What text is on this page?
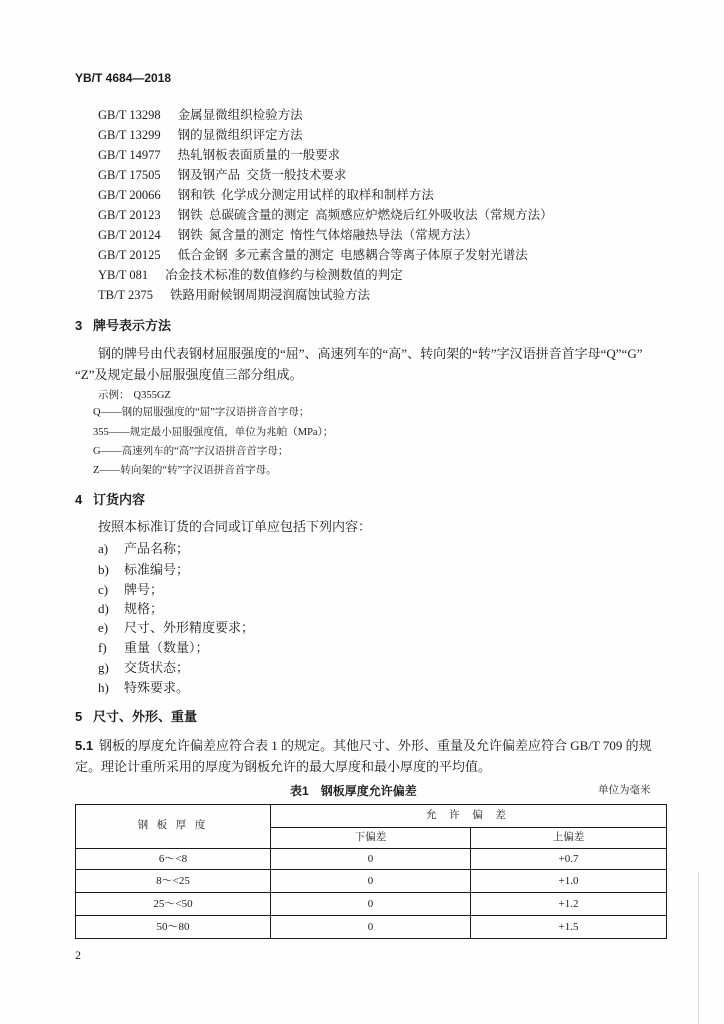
YB/T 4684—2018
GB/T 13298 金属显微组织检验方法
GB/T 13299 钢的显微组织评定方法
GB/T 14977 热轧钢板表面质量的一般要求
GB/T 17505 钢及钢产品  交货一般技术要求
GB/T 20066 钢和铁  化学成分测定用试样的取样和制样方法
GB/T 20123 钢铁  总碳硫含量的测定  高频感应炉燃烧后红外吸收法（常规方法）
GB/T 20124 钢铁  氮含量的测定  惰性气体熔融热导法（常规方法）
GB/T 20125 低合金钢  多元素含量的测定  电感耦合等离子体原子发射光谱法
YB/T 081 冶金技术标准的数值修约与检测数值的判定
TB/T 2375 铁路用耐候钢周期浸润腐蚀试验方法
3 牌号表示方法
钢的牌号由代表钢材屈服强度的“屈”、高速列车的“高”、转向架的“转”字汉语拼音首字母“Q”“G”
“Z”及规定最小屈服强度值三部分组成。
示例： Q355GZ
Q——钢的屈服强度的“屈”字汉语拼音首字母；
355——规定最小屈服强度值，单位为兆帕（MPa）；
G——高速列车的“高”字汉语拼音首字母；
Z——转向架的“转”字汉语拼音首字母。
4 订货内容
按照本标准订货的合同或订单应包括下列内容：
a) 产品名称；
b) 标准编号；
c) 牌号；
d) 规格；
e) 尺寸、外形精度要求；
f) 重量（数量）；
g) 交货状态；
h) 特殊要求。
5 尺寸、外形、重量
5.1 钢板的厚度允许偏差应符合表 1 的规定。其他尺寸、外形、重量及允许偏差应符合 GB/T 709 的规
定。理论计重所采用的厚度为钢板允许的最大厚度和最小厚度的平均值。
表1 钢板厚度允许偏差	单位为毫米
钢 板 厚 度	允 许 偏 差	
	下偏差	上偏差
6～<8	0	+0.7
8～<25	0	+1.0
25～<50	0	+1.2
50～80	0	+1.5
2
